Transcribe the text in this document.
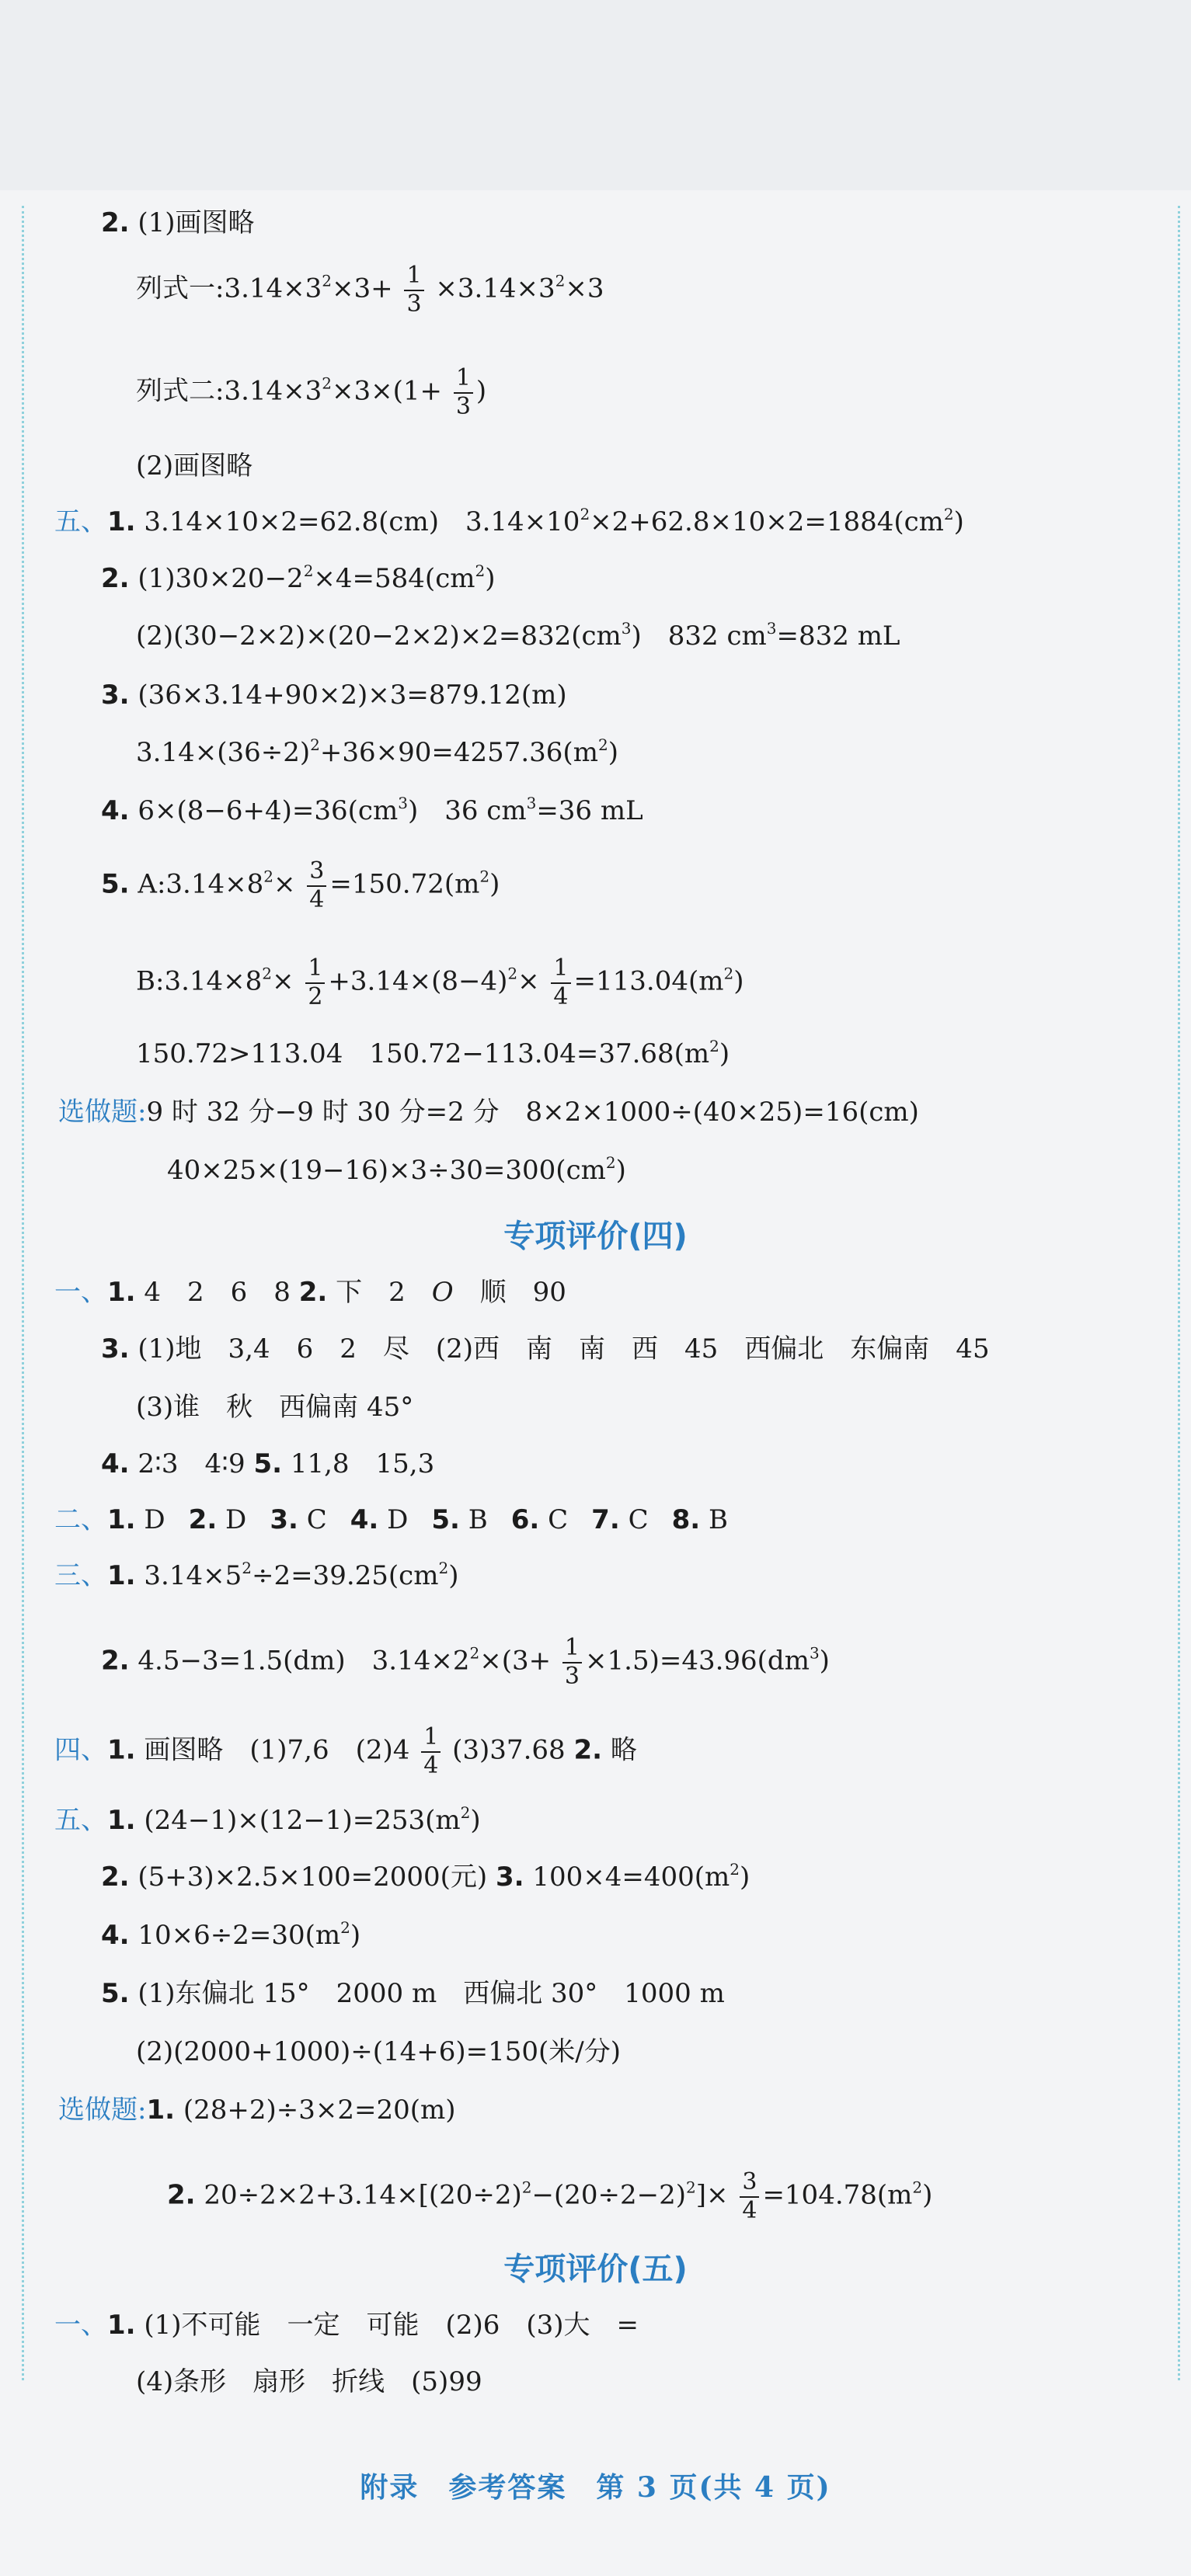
2. (1)画图略
列式一$:3.14\times 3^2\times 3+ \frac{1}{3} \times 3.14\times 3^2\times 3$
列式二$:3.14\times 3^2\times 3\times(1+ \frac{1}{3}$ )
(2)画图略
五、1. 3.14×10×2=62.8(cm)　$3.14\times 10^2\times 2+62.8\times 10\times 2=1884(cm^2)$
2. $(1)30\times 20-2^2\times 4=584(cm^2)$
$(2)(30-2\times 2)\times(20-2\times 2)\times 2=832(cm^3)$　832 $cm^3=832$ mL
3. (36×3.14+90×2)×3=879.12(m)
$3.14\times(36\div 2)^2+36\times 90=4257.36(m^2)$
4. $6\times(8-6+4)=36(cm^3)$　36 $cm^3=36$ mL
5. $A:3.14\times 8^2\times \frac{3}{4} =150.72(m^2)$
$B:3.14\times 8^2\times \frac{1}{2} +3.14\times(8-4)^2\times \frac{1}{4} =113.04(m^2)$
150.72>113.04　$150.72-113.04=37.68(m^2)$
选做题:9 时 32 分−9 时 30 分=2 分　8×2×1000÷(40×25)=16(cm)
$40\times 25\times(19-16)\times 3\div 30=300(cm^2)$
专项评价(四)
一、1. 4　2　6　8 2. 下　2　O　顺　90
3. (1)地　3,4　6　2　尽　(2)西　南　南　西　45　西偏北　东偏南　45
(3)谁　秋　西偏南 45°
4. 2∶3　4∶9 5. 11,8　15,3
二、1. D 2. D 3. C 4. D 5. B 6. C 7. C 8. B
三、1. $3.14\times 5^2\div 2=39.25(cm^2)$
2. 4.5−3=1.5(dm)　$3.14\times 2^2\times(3+ \frac{1}{3} \times 1.5)=43.96(dm^3)$
四、1. 画图略　(1)7,6　$(2)4 \frac{1}{4} (3)37.68$ 2. 略
五、1. $(24-1)\times(12-1)=253(m^2)$
2. (5+3)×2.5×100=2000(元) 3. $100\times 4=400(m^2)$
4. $10\times 6\div 2=30(m^2)$
5. (1)东偏北 15°　2000 m　西偏北 30°　1000 m
(2)(2000+1000)÷(14+6)=150(米/分)
选做题:1. (28+2)÷3×2=20(m)
2. $20\div 2\times 2+3.14\times[(20\div 2)^2-(20\div 2-2)^2]\times \frac{3}{4} =104.78(m^2)$
专项评价(五)
一、1. (1)不可能　一定　可能　(2)6　(3)大　=
(4)条形　扇形　折线　(5)99
附录　参考答案　第 3 页(共 4 页)
